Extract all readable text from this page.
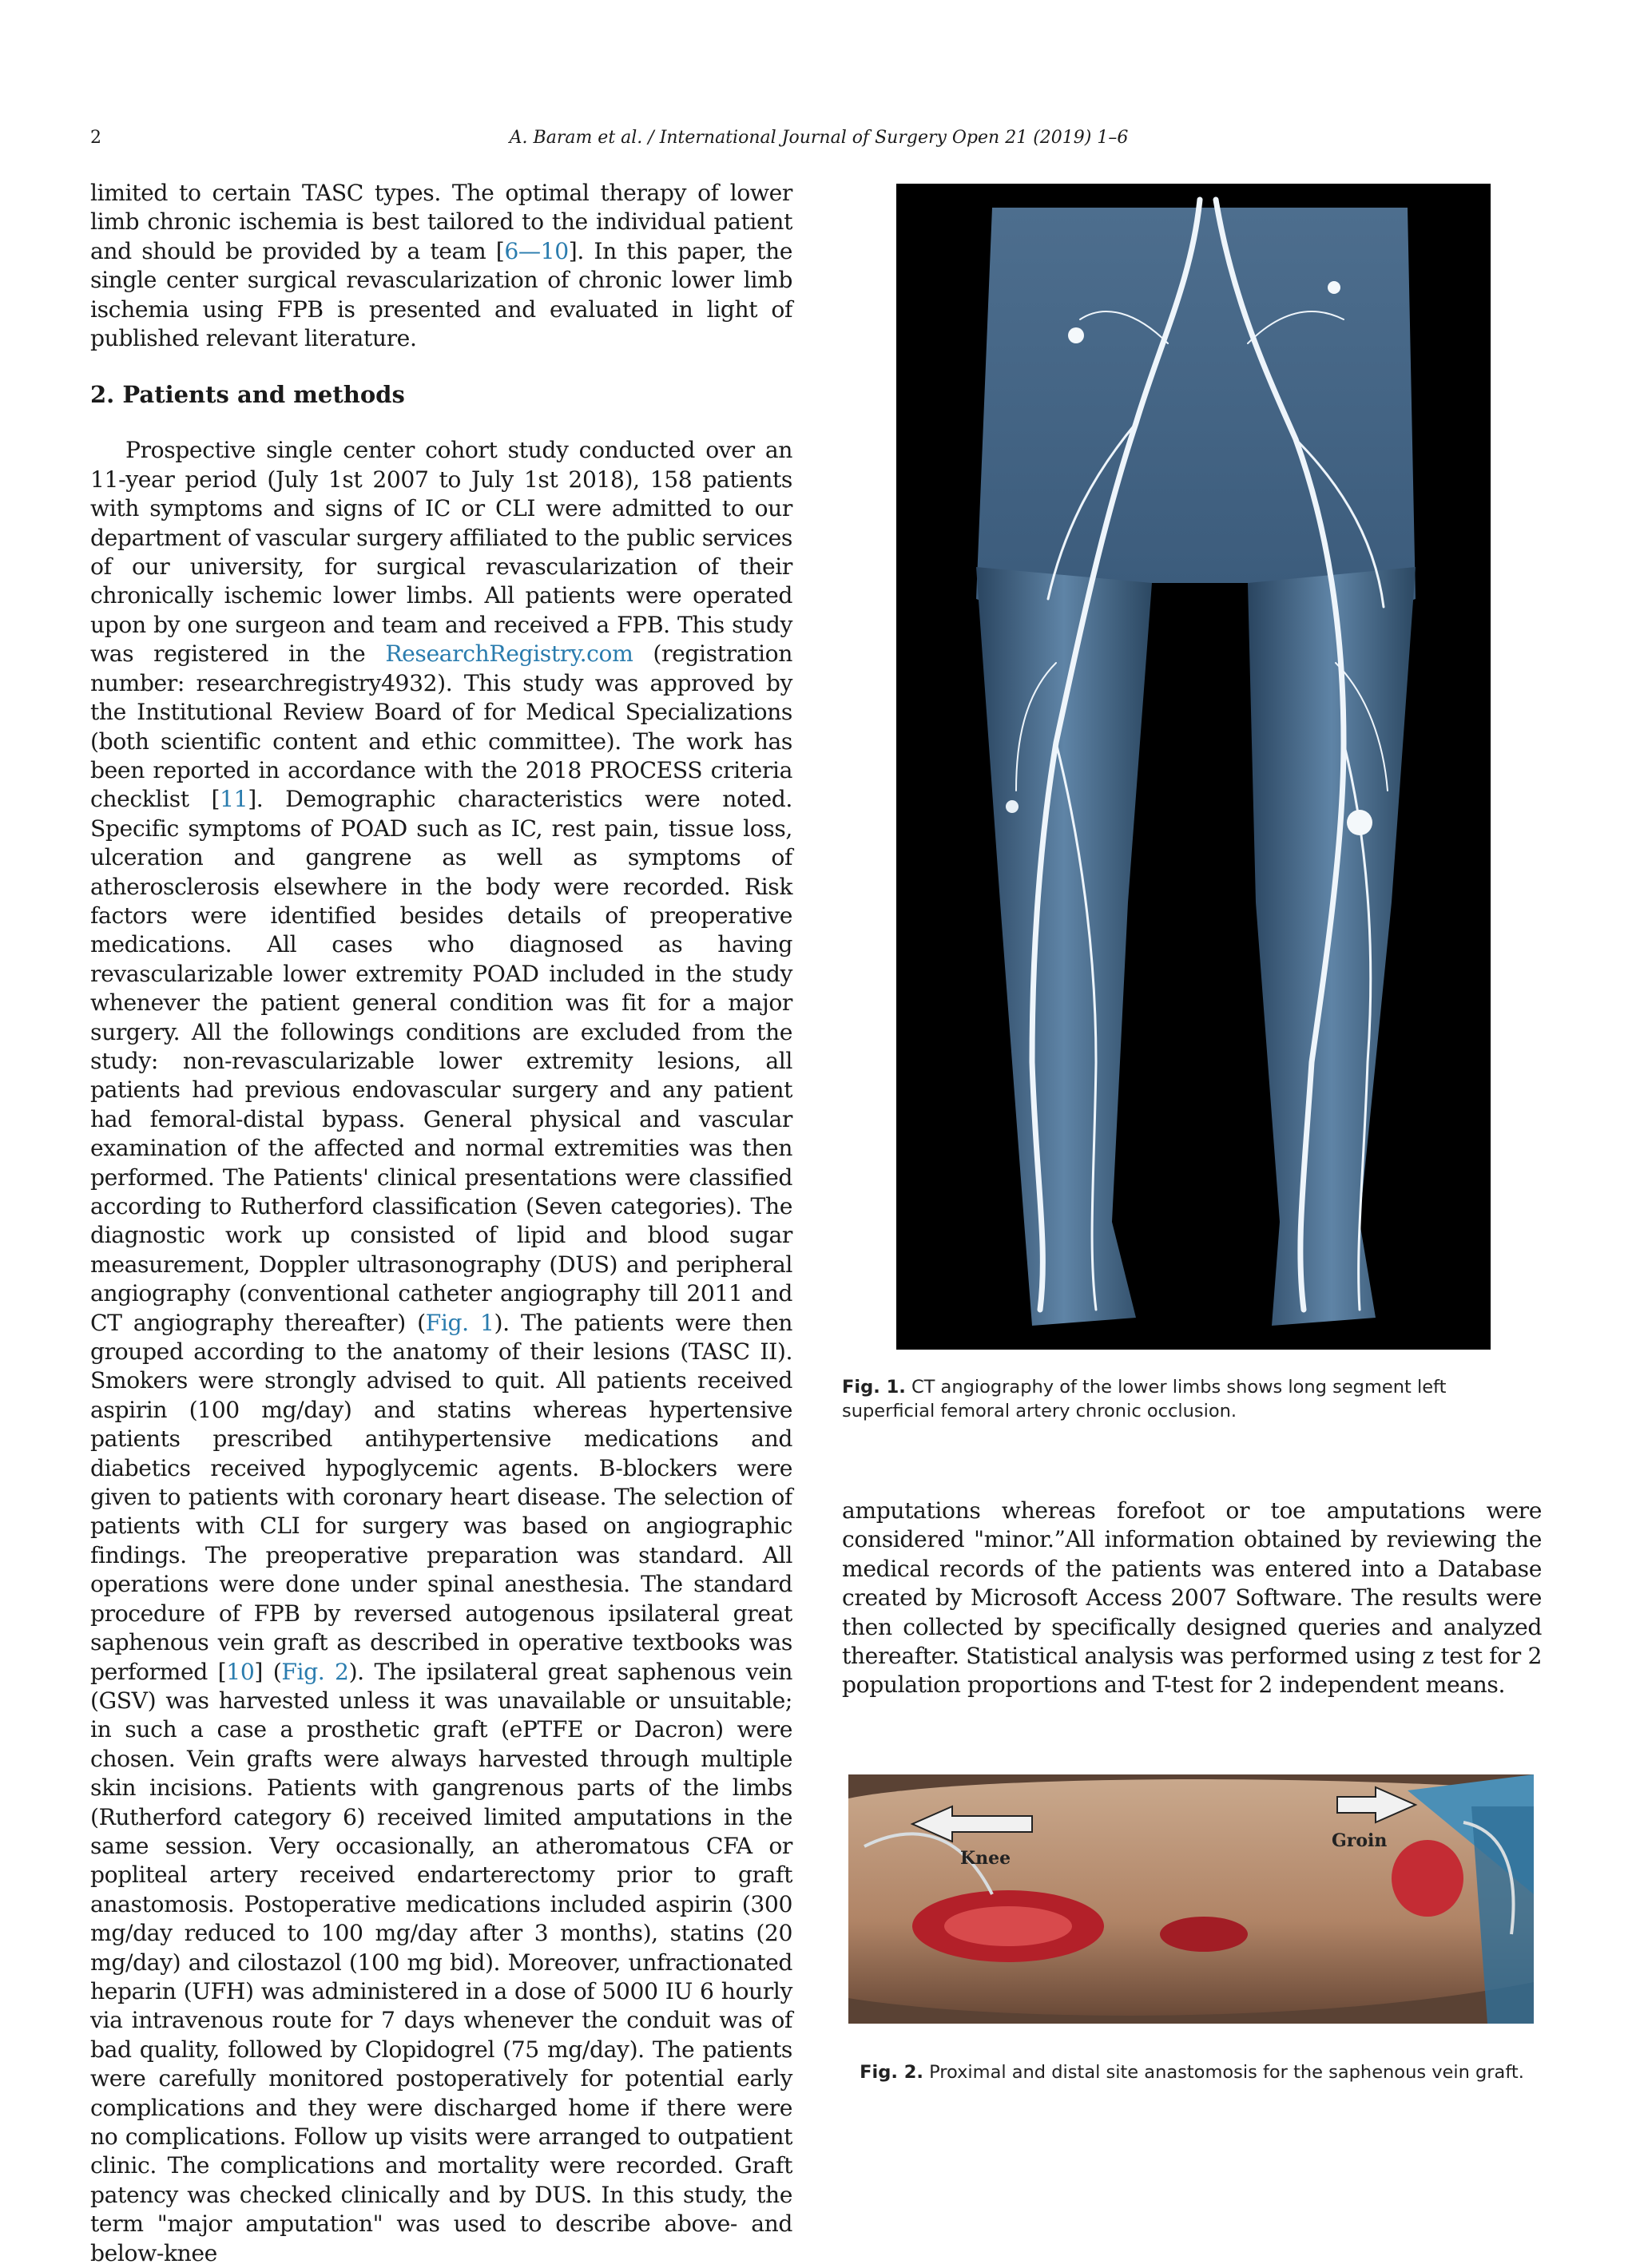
2	A. Baram et al. / International Journal of Surgery Open 21 (2019) 1–6

limited to certain TASC types. The optimal therapy of lower limb chronic ischemia is best tailored to the individual patient and should be provided by a team [6—10]. In this paper, the single center surgical revascularization of chronic lower limb ischemia using FPB is presented and evaluated in light of published relevant literature.

2. Patients and methods

Prospective single center cohort study conducted over an 11-year period (July 1st 2007 to July 1st 2018), 158 patients with symptoms and signs of IC or CLI were admitted to our department of vascular surgery affiliated to the public services of our university, for surgical revascularization of their chronically ischemic lower limbs. All patients were operated upon by one surgeon and team and received a FPB. This study was registered in the ResearchRegistry.com (registration number: researchregistry4932). This study was approved by the Institutional Review Board of for Medical Specializations (both scientific content and ethic committee). The work has been reported in accordance with the 2018 PROCESS criteria checklist [11]. Demographic characteristics were noted. Specific symptoms of POAD such as IC, rest pain, tissue loss, ulceration and gangrene as well as symptoms of atherosclerosis elsewhere in the body were recorded. Risk factors were identified besides details of preoperative medications. All cases who diagnosed as having revascularizable lower extremity POAD included in the study whenever the patient general condition was fit for a major surgery. All the followings conditions are excluded from the study: non-revascularizable lower extremity lesions, all patients had previous endovascular surgery and any patient had femoral-distal bypass. General physical and vascular examination of the affected and normal extremities was then performed. The Patients' clinical presentations were classified according to Rutherford classification (Seven categories). The diagnostic work up consisted of lipid and blood sugar measurement, Doppler ultrasonography (DUS) and peripheral angiography (conventional catheter angiography till 2011 and CT angiography thereafter) (Fig. 1). The patients were then grouped according to the anatomy of their lesions (TASC II). Smokers were strongly advised to quit. All patients received aspirin (100 mg/day) and statins whereas hypertensive patients prescribed antihypertensive medications and diabetics received hypoglycemic agents. B-blockers were given to patients with coronary heart disease. The selection of patients with CLI for surgery was based on angiographic findings. The preoperative preparation was standard. All operations were done under spinal anesthesia. The standard procedure of FPB by reversed autogenous ipsilateral great saphenous vein graft as described in operative textbooks was performed [10] (Fig. 2). The ipsilateral great saphenous vein (GSV) was harvested unless it was unavailable or unsuitable; in such a case a prosthetic graft (ePTFE or Dacron) were chosen. Vein grafts were always harvested through multiple skin incisions. Patients with gangrenous parts of the limbs (Rutherford category 6) received limited amputations in the same session. Very occasionally, an atheromatous CFA or popliteal artery received endarterectomy prior to graft anastomosis. Postoperative medications included aspirin (300 mg/day reduced to 100 mg/day after 3 months), statins (20 mg/day) and cilostazol (100 mg bid). Moreover, unfractionated heparin (UFH) was administered in a dose of 5000 IU 6 hourly via intravenous route for 7 days whenever the conduit was of bad quality, followed by Clopidogrel (75 mg/day). The patients were carefully monitored postoperatively for potential early complications and they were discharged home if there were no complications. Follow up visits were arranged to outpatient clinic. The complications and mortality were recorded. Graft patency was checked clinically and by DUS. In this study, the term "major amputation" was used to describe above- and below-knee

Fig. 1. CT angiography of the lower limbs shows long segment left superficial femoral artery chronic occlusion.

amputations whereas forefoot or toe amputations were considered "minor.”All information obtained by reviewing the medical records of the patients was entered into a Database created by Microsoft Access 2007 Software. The results were then collected by specifically designed queries and analyzed thereafter. Statistical analysis was performed using z test for 2 population proportions and T-test for 2 independent means.

Knee
Groin
Fig. 2. Proximal and distal site anastomosis for the saphenous vein graft.
